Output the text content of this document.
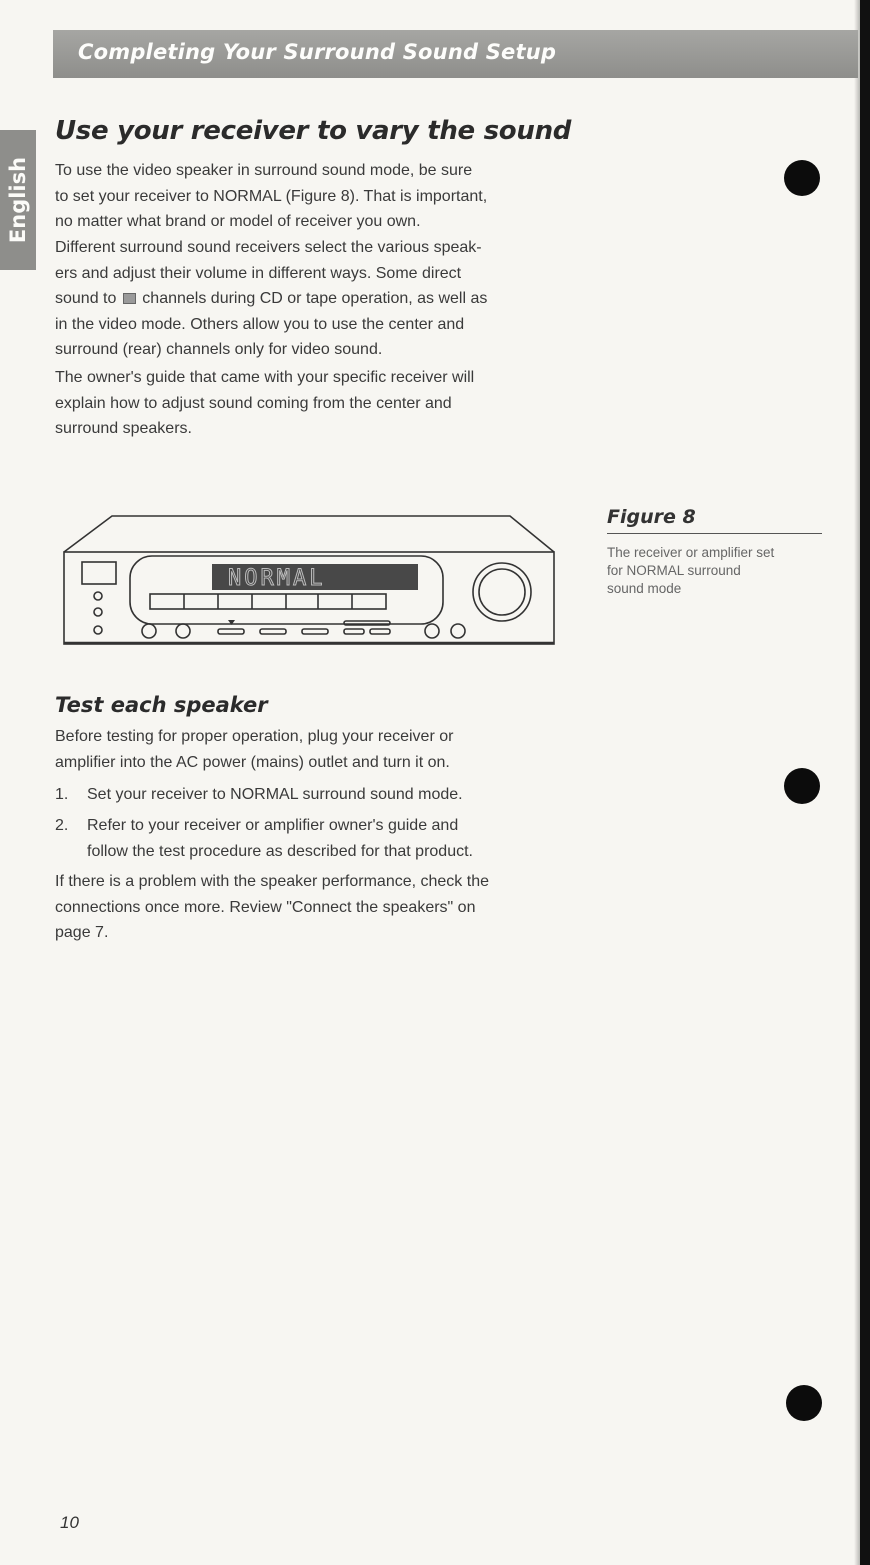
Completing Your Surround Sound Setup
English
Use your receiver to vary the sound

To use the video speaker in surround sound mode, be sure
to set your receiver to NORMAL (Figure 8). That is important,
no matter what brand or model of receiver you own.

Different surround sound receivers select the various speak-
ers and adjust their volume in different ways. Some direct
sound to channels during CD or tape operation, as well as
in the video mode. Others allow you to use the center and
surround (rear) channels only for video sound.

The owner's guide that came with your specific receiver will
explain how to adjust sound coming from the center and
surround speakers.

NORMAL
Figure 8

The receiver or amplifier set
for NORMAL surround
sound mode

Test each speaker

Before testing for proper operation, plug your receiver or
amplifier into the AC power (mains) outlet and turn it on.

1. Set your receiver to NORMAL surround sound mode.
2. Refer to your receiver or amplifier owner's guide and
follow the test procedure as described for that product.

If there is a problem with the speaker performance, check the
connections once more. Review "Connect the speakers" on
page 7.

10
